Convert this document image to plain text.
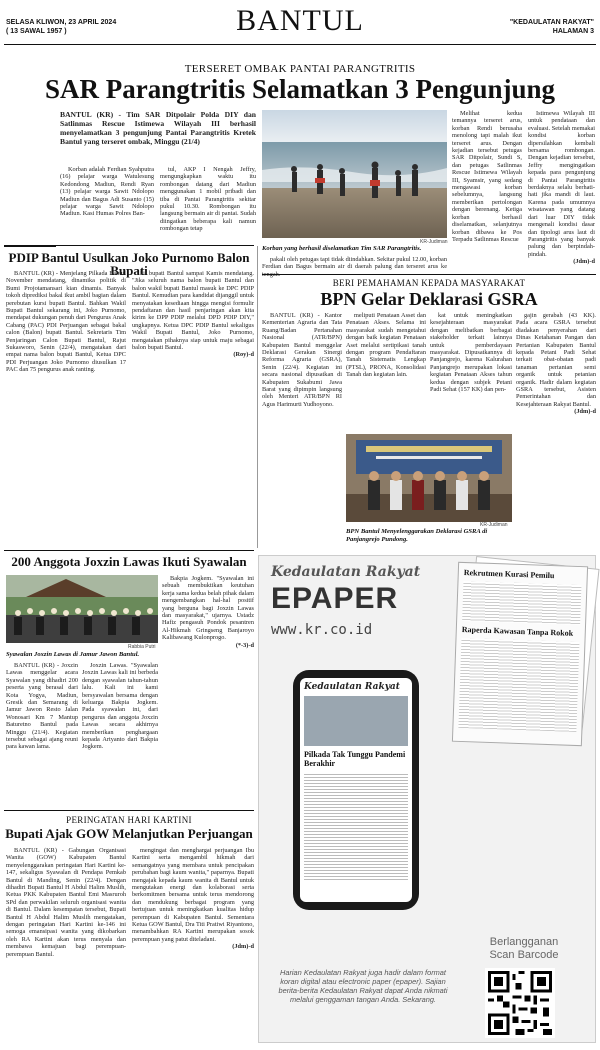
SELASA KLIWON, 23 APRIL 2024
( 13 SAWAL 1957 )	BANTUL	"KEDAULATAN RAKYAT"
HALAMAN 3
TERSERET OMBAK PANTAI PARANGTRITIS
SAR Parangtritis Selamatkan 3 Pengunjung
BANTUL (KR) - Tim SAR Ditpolair Polda DIY dan Satlinmas Rescue Istimewa Wilayah III berhasil menyelamatkan 3 pengunjung Pantai Parangtritis Kretek Bantul yang terseret ombak, Minggu (21/4)

Korban adalah Ferdian Syahputra (16) pelajar warga Watulesung Kedondong Madiun, Rendi Ryan (13) pelajar warga Sawit Ndolopo Madiun dan Bagus Adi Susanto (15) pelajar warga Sawit Ndolopo Madiun. Kasi Humas Polres Ban-

tul, AKP I Nengah Jeffry, mengungkapkan waktu itu rombongan datang dari Madiun menggunakan 1 mobil pribadi dan tiba di Pantai Parangtritis sekitar pukul 10.30. Rombongan itu langsung bermain air di pantai. Sudah diingatkan beberapa kali namun rombongan tetap

KR-Judiman
Korban yang berhasil diselamatkan Tim SAR Parangtritis.

pakali oleh petugas tapi tidak diindahkan. Sekitar pukul 12.00, korban Ferdian dan Bagus bermain air di daerah palung dan terseret arus ke tengah.

Melihat kedua temannya terseret arus, korban Rendi berusaha menolong tapi malah ikut terseret arus. Dengan kejadian tersebut petugas SAR Ditpolair, Sundi S, dan petugas Satlinmas Rescue Istimewa Wilayah III, Syamsir, yang sedang mengawasi korban sebelumnya, langsung memberikan pertolongan dengan berenang. Ketiga korban berhasil diselamatkan, selanjutnya korban dibawa ke Pos Terpadu Satlinmas Rescue

Istimewa Wilayah III untuk pendataan dan evaluasi. Setelah memakai kondisi korban dipersilahkan kembali bersama rombongan. Dengan kejadian tersebut, Jeffry mengingatkan kepada para pengunjung di Pantai Parangtritis berdaknya selalu berhati-hati jika mandi di laut. Karena pada umumnya wisatawan yang datang dari luar DIY tidak mengenali kondisi dasar dan tipologi arus laut di Parangtritis yang banyak palung dan berpindah-pindah.

(Jdm)-d

PDIP Bantul Usulkan Joko Purnomo Balon Bupati

BANTUL (KR) - Menjelang Pilkada Bantul November mendatang, dinamika politik di Bumi Projotamansari kian dinamis. Banyak tokoh diprediksi bakal ikut ambil bagian dalam perebutan kursi bupati Bantul. Bahkan Wakil Bupati Bantul sekarang ini, Joko Purnomo, mendapat dukungan penuh dari Pengurus Anak Cabang (PAC) PDI Perjuangan sebagai bakal calon (Balon) bupati Bantul. Sekretaris Tim Penjaringan Calon Bupati Bantul, Rajut Sukasworo, Senin (22/4), mengatakan dari empat nama balon bupati Bantul, Ketua DPC PDI Perjuangan Joko Purnomo diusulkan 17 PAC dan 75 pengurus anak ranting.

kil bupati Bantul sampai Kamis mendatang. "Jika seluruh nama balon bupati Bantul dan balon wakil bupati Bantul masuk ke DPC PDIP Bantul. Kemudian para kandidat dijanggil untuk menyatakan kesediaan hingga mengisi formulir pendaftaran dan hasil penjaringan akan kita kirim ke DPP PDIP melalui DPD PDIP DIY," ungkapnya. Ketua DPC PDIP Bantul sekaligus Wakil Bupati Bantul, Joko Purnomo, mengatakan pihaknya siap untuk maju sebagai balon bupati Bantul.

(Roy)-d

BERI PEMAHAMAN KEPADA MASYARAKAT
BPN Gelar Deklarasi GSRA

BANTUL (KR) - Kantor Kementerian Agraria dan Tata Ruang/Badan Pertanahan Nasional (ATR/BPN) Kabupaten Bantul menggelar Deklarasi Gerakan Sinergi Reforma Agraria (GSRA), Senin (22/4). Kegiatan ini secara nasional dipusatkan di Kabupaten Sukabumi Jawa Barat yang dipimpin langsung oleh Menteri ATR/BPN RI Agus Harimurti Yudhoyono.

meliputi Penataan Asset dan Penataan Akses. Selama ini masyarakat sudah mengetahui dengan baik kegiatan Penataan Aset melalui sertipikasi tanah dengan program Pendaftaran Tanah Sistematis Lengkap (PTSL), PRONA, Konsolidasi Tanah dan kegiatan lain.

kat untuk meningkatkan kesejahteraan masyarakat dengan melibatkan berbagai stakeholder terkait lainnya untuk pemberdayaan masyarakat. Dipusatkannya di Panjangrejo, karena Kalurahan Panjangrejo merupakan lokasi kegiatan Penataan Akses tahun kedua dengan subjek Petani Padi Sehat (157 KK) dan pen-

gajin gerabah (43 KK). Pada acara GSRA tersebut diadakan penyerahan dari Dinas Ketahanan Pangan dan Pertanian Kabupaten Bantul kepada Petani Padi Sehat terkait obat-obatan padi tanaman pertanian semi organik untuk petanian organik. Hadir dalam kegiatan GSRA tersebut, Asisten Pemerintahan dan Kesejahteraan Rakyat Bantul.

(Jdm)-d

KR-Judiman
BPN Bantul Menyelenggarakan Deklarasi GSRA di Panjangrejo Pundong.
200 Anggota Joxzin Lawas Ikuti Syawalan
Rabbia Putri
Syawalan Joxzin Lawas di Jamur Jawon Bantul.

BANTUL (KR) - Joxzin Lawas menggelar acara Syawalan yang dihadiri 200 peserta yang berasal dari Kota Yogya, Madiun, Gresik dan Semarang di Jamur Jawon Resto Jalan Wonosari Km 7 Mantup Baturetno Bantul pada Minggu (21/4). Kegiatan tersebut sebagai ajang reuni para kawan lama.

Joxzin Lawas. "Syawalan Joxzin Lawas kali ini berbeda dengan syawalan tahun-tahun lalu. Kali ini kami bersyawalan bersama dengan keluarga Bakpia Jogkem. Pada syawalan ini, dari pengurus dan anggota Joxzin Lawas secara akhirnya memberikan penghargaan kepada Artyanto dari Bakpia Jogkem.

Bakpia Jogkem. "Syawalan ini sebuah membuktikan keutuhan kerja sama kedua belah pihak dalam mengembangkan hal-hal positif yang berguna bagi Joxzin Lawas dan masyarakat," ujarnya. Ustadz Hafiz pengasuh Pondok pesantren Al-Hikmah Gringseng Banjaroyo Kalibawang Kulonprogo.

(*-3)-d

PERINGATAN HARI KARTINI
Bupati Ajak GOW Melanjutkan Perjuangan

BANTUL (KR) - Gabungan Organisasi Wanita (GOW) Kabupaten Bantul menyelenggarakan peringatan Hari Kartini ke-147, sekaligus Syawalan di Pendapa Pemkab Bantul di Manding, Senin (22/4). Dengan dihadiri Bupati Bantul H Abdul Halim Muslih, Ketua PKK Kabupaten Bantul Emi Masruroh SPd dan perwakilan seluruh organisasi wanita di Bantul. Dalam kesempatan tersebut, Bupati Bantul H Abdul Halim Muslih mengatakan, dengan peringatan Hari Kartini ke-146 ini semoga emansipasi wanita yang dikobarkan oleh RA Kartini akan terus menyala dan membawa kemajuan bagi perempuan-perempuan Bantul.

mengingat dan menghargai perjuangan Ibu Kartini serta mengambil hikmah dari semangatnya yang membara untuk pencipakan perubahan bagi kaum wanita," paparnya. Bupati mengajak kepada kaum wanita di Bantul untuk mengutakan energi dan kolaborasi serta berkomitmen bersama untuk terus mendorong dan mendukung berbagai program yang bertujuan untuk meningkatkan kualitas hidup perempuan di Kabupaten Bantul. Sementara Ketua GOW Bantul, Dra Titi Pratiwi Riyantono, menambahkan RA Kartini merupakan sosok perempuan yang patut diteladani.

(Jdm)-d

Kedaulatan Rakyat
EPAPER
www.kr.co.id
Rekrutmen Kurasi Pemilu
Raperda Kawasan Tanpa Rokok
Kedaulatan Rakyat
Pilkada Tak Tunggu Pandemi Berakhir
Berlangganan
Scan Barcode
Harian Kedaulatan Rakyat juga hadir dalam format koran digital atau electronic paper (epaper). Sajian berita-berita Kedaulatan Rakyat dapat Anda nikmati melalui genggaman tangan Anda. Sekarang.
